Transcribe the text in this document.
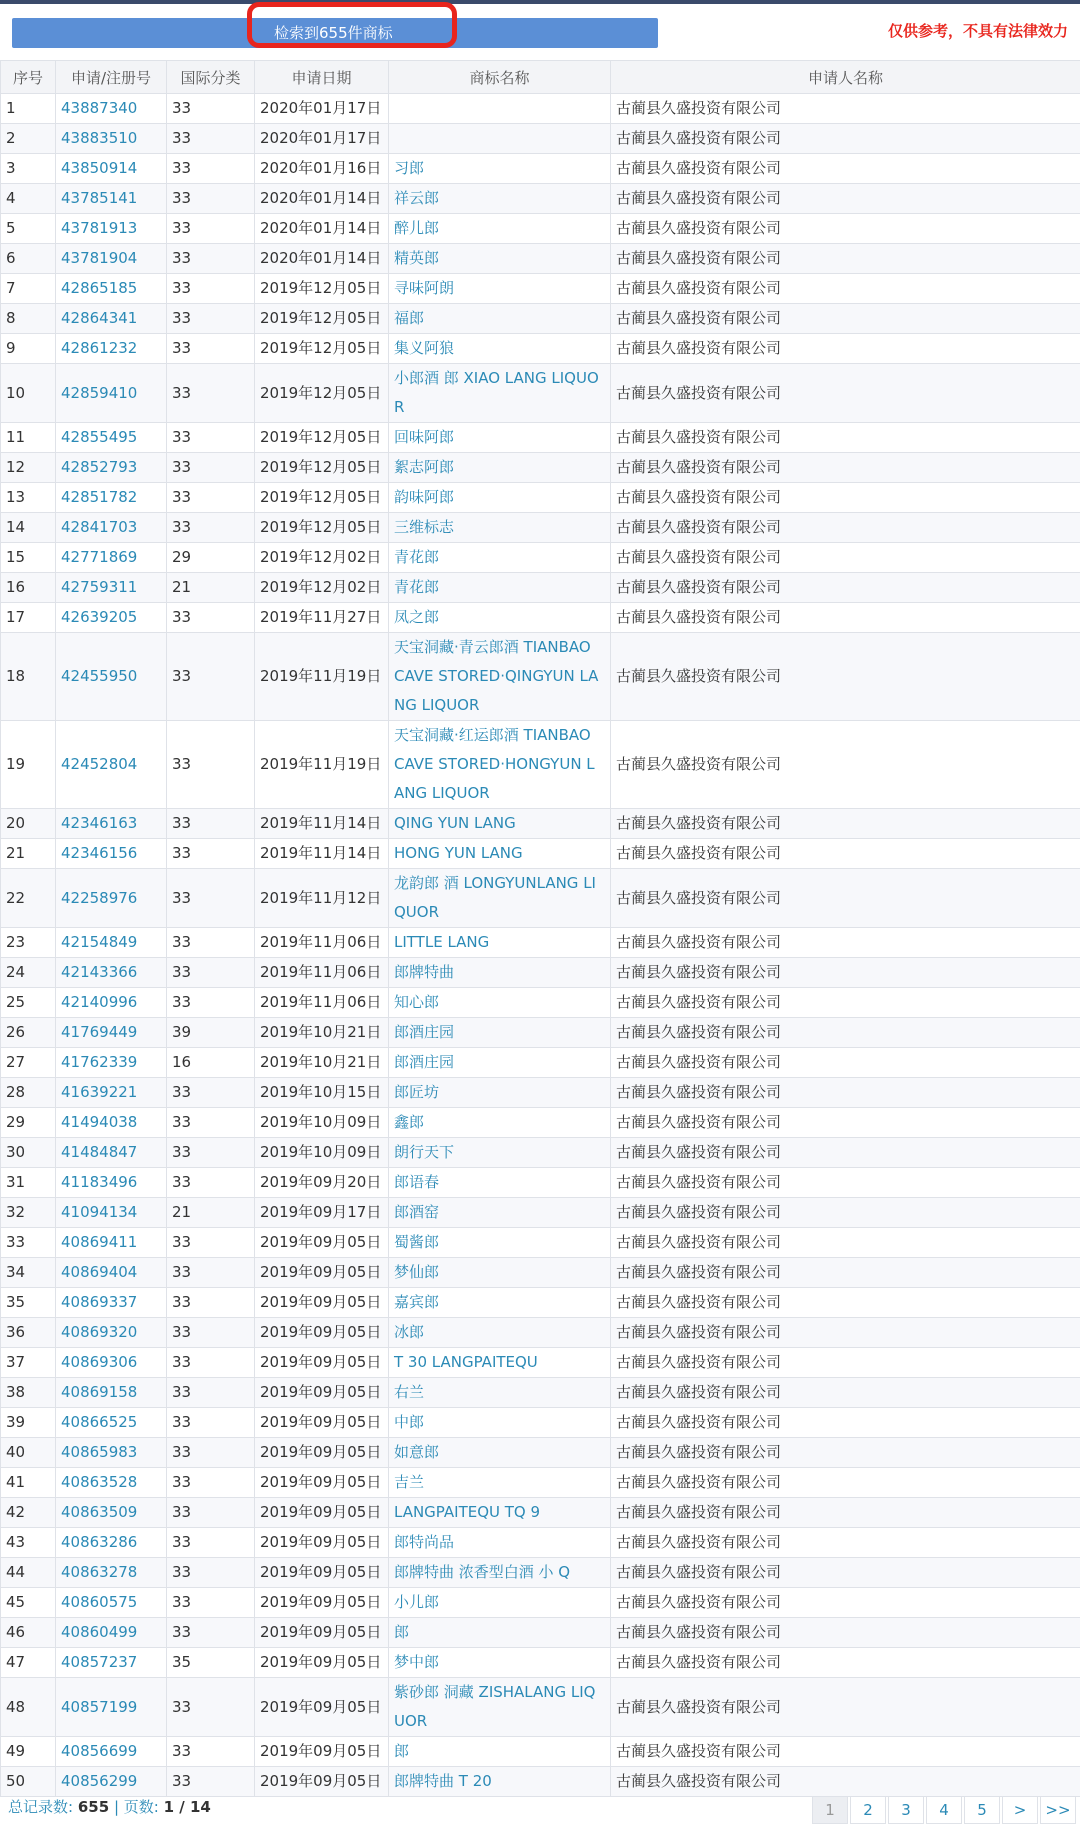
检索到655件商标	仅供参考，不具有法律效力
序号	申请/注册号	国际分类	申请日期	商标名称	申请人名称
1	43887340	33	2020年01月17日		古蔺县久盛投资有限公司
2	43883510	33	2020年01月17日		古蔺县久盛投资有限公司
3	43850914	33	2020年01月16日	习郎	古蔺县久盛投资有限公司
4	43785141	33	2020年01月14日	祥云郎	古蔺县久盛投资有限公司
5	43781913	33	2020年01月14日	醉儿郎	古蔺县久盛投资有限公司
6	43781904	33	2020年01月14日	精英郎	古蔺县久盛投资有限公司
7	42865185	33	2019年12月05日	寻味阿朗	古蔺县久盛投资有限公司
8	42864341	33	2019年12月05日	福郎	古蔺县久盛投资有限公司
9	42861232	33	2019年12月05日	集义阿狼	古蔺县久盛投资有限公司
10	42859410	33	2019年12月05日	小郎酒 郎 XIAO LANG LIQUOR	古蔺县久盛投资有限公司
11	42855495	33	2019年12月05日	回味阿郎	古蔺县久盛投资有限公司
12	42852793	33	2019年12月05日	絮志阿郎	古蔺县久盛投资有限公司
13	42851782	33	2019年12月05日	韵味阿郎	古蔺县久盛投资有限公司
14	42841703	33	2019年12月05日	三维标志	古蔺县久盛投资有限公司
15	42771869	29	2019年12月02日	青花郎	古蔺县久盛投资有限公司
16	42759311	21	2019年12月02日	青花郎	古蔺县久盛投资有限公司
17	42639205	33	2019年11月27日	凤之郎	古蔺县久盛投资有限公司
18	42455950	33	2019年11月19日	天宝洞藏·青云郎酒 TIANBAO CAVE STORED·QINGYUN LANG LIQUOR	古蔺县久盛投资有限公司
19	42452804	33	2019年11月19日	天宝洞藏·红运郎酒 TIANBAO CAVE STORED·HONGYUN LANG LIQUOR	古蔺县久盛投资有限公司
20	42346163	33	2019年11月14日	QING YUN LANG	古蔺县久盛投资有限公司
21	42346156	33	2019年11月14日	HONG YUN LANG	古蔺县久盛投资有限公司
22	42258976	33	2019年11月12日	龙韵郎 酒 LONGYUNLANG LIQUOR	古蔺县久盛投资有限公司
23	42154849	33	2019年11月06日	LITTLE LANG	古蔺县久盛投资有限公司
24	42143366	33	2019年11月06日	郎牌特曲	古蔺县久盛投资有限公司
25	42140996	33	2019年11月06日	知心郎	古蔺县久盛投资有限公司
26	41769449	39	2019年10月21日	郎酒庄园	古蔺县久盛投资有限公司
27	41762339	16	2019年10月21日	郎酒庄园	古蔺县久盛投资有限公司
28	41639221	33	2019年10月15日	郎匠坊	古蔺县久盛投资有限公司
29	41494038	33	2019年10月09日	鑫郎	古蔺县久盛投资有限公司
30	41484847	33	2019年10月09日	朗行天下	古蔺县久盛投资有限公司
31	41183496	33	2019年09月20日	郎语春	古蔺县久盛投资有限公司
32	41094134	21	2019年09月17日	郎酒窑	古蔺县久盛投资有限公司
33	40869411	33	2019年09月05日	蜀酱郎	古蔺县久盛投资有限公司
34	40869404	33	2019年09月05日	梦仙郎	古蔺县久盛投资有限公司
35	40869337	33	2019年09月05日	嘉宾郎	古蔺县久盛投资有限公司
36	40869320	33	2019年09月05日	冰郎	古蔺县久盛投资有限公司
37	40869306	33	2019年09月05日	T 30 LANGPAITEQU	古蔺县久盛投资有限公司
38	40869158	33	2019年09月05日	右兰	古蔺县久盛投资有限公司
39	40866525	33	2019年09月05日	中郎	古蔺县久盛投资有限公司
40	40865983	33	2019年09月05日	如意郎	古蔺县久盛投资有限公司
41	40863528	33	2019年09月05日	吉兰	古蔺县久盛投资有限公司
42	40863509	33	2019年09月05日	LANGPAITEQU TQ 9	古蔺县久盛投资有限公司
43	40863286	33	2019年09月05日	郎特尚品	古蔺县久盛投资有限公司
44	40863278	33	2019年09月05日	郎牌特曲 浓香型白酒 小 Q	古蔺县久盛投资有限公司
45	40860575	33	2019年09月05日	小儿郎	古蔺县久盛投资有限公司
46	40860499	33	2019年09月05日	郎	古蔺县久盛投资有限公司
47	40857237	35	2019年09月05日	梦中郎	古蔺县久盛投资有限公司
48	40857199	33	2019年09月05日	紫砂郎 洞藏 ZISHALANG LIQUOR	古蔺县久盛投资有限公司
49	40856699	33	2019年09月05日	郎	古蔺县久盛投资有限公司
50	40856299	33	2019年09月05日	郎牌特曲 T 20	古蔺县久盛投资有限公司
总记录数: 655 | 页数: 1 / 14	1	2	3	4	5	>	>>
